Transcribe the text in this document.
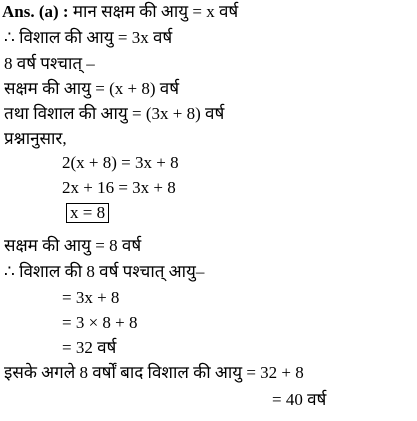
Ans. (a) : मान सक्षम की आयु = x वर्ष
∴ विशाल की आयु = 3x वर्ष
8 वर्ष पश्चात् –
सक्षम की आयु = (x + 8) वर्ष
तथा विशाल की आयु = (3x + 8) वर्ष
प्रश्नानुसार,
2(x + 8) = 3x + 8
2x + 16 = 3x + 8
x = 8
सक्षम की आयु = 8 वर्ष
∴ विशाल की 8 वर्ष पश्चात् आयु–
= 3x + 8
= 3 × 8 + 8
= 32 वर्ष
इसके अगले 8 वर्षों बाद विशाल की आयु = 32 + 8
= 40 वर्ष
